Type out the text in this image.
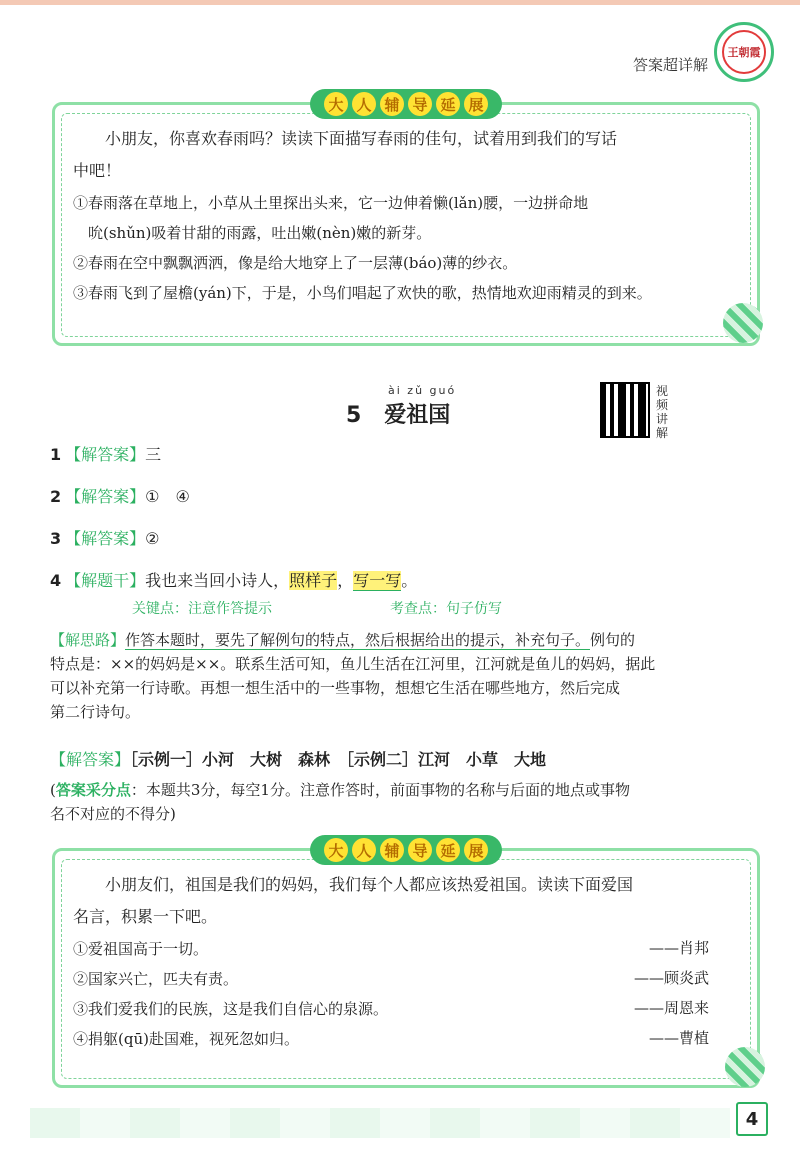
答案超详解
王朝霞
大 人 辅 导 延 展

小朋友，你喜欢春雨吗？读读下面描写春雨的佳句，试着用到我们的写话

中吧！

①春雨落在草地上，小草从土里探出头来，它一边伸着懒(lǎn)腰，一边拼命地

吮(shǔn)吸着甘甜的雨露，吐出嫩(nèn)嫩的新芽。

②春雨在空中飘飘洒洒，像是给大地穿上了一层薄(báo)薄的纱衣。

③春雨飞到了屋檐(yán)下，于是，小鸟们唱起了欢快的歌，热情地欢迎雨精灵的到来。

ài zǔ guó
5 爱祖国
视频讲解
1 【解答案】三
2 【解答案】①　④
3 【解答案】②
4 【解题干】我也来当回小诗人，照样子，写一写。
关键点：注意作答提示	考查点：句子仿写
【解思路】作答本题时，要先了解例句的特点，然后根据给出的提示，补充句子。例句的
特点是：××的妈妈是××。联系生活可知，鱼儿生活在江河里，江河就是鱼儿的妈妈，据此
可以补充第一行诗歌。再想一想生活中的一些事物，想想它生活在哪些地方，然后完成
第二行诗句。
【解答案】［示例一］小河　大树　森林　［示例二］江河　小草　大地
(答案采分点：本题共3分，每空1分。注意作答时，前面事物的名称与后面的地点或事物
名不对应的不得分)
大 人 辅 导 延 展

小朋友们，祖国是我们的妈妈，我们每个人都应该热爱祖国。读读下面爱国

名言，积累一下吧。

①爱祖国高于一切。	——肖邦

②国家兴亡，匹夫有责。	——顾炎武

③我们爱我们的民族，这是我们自信心的泉源。	——周恩来

④捐躯(qū)赴国难，视死忽如归。	——曹植
4
